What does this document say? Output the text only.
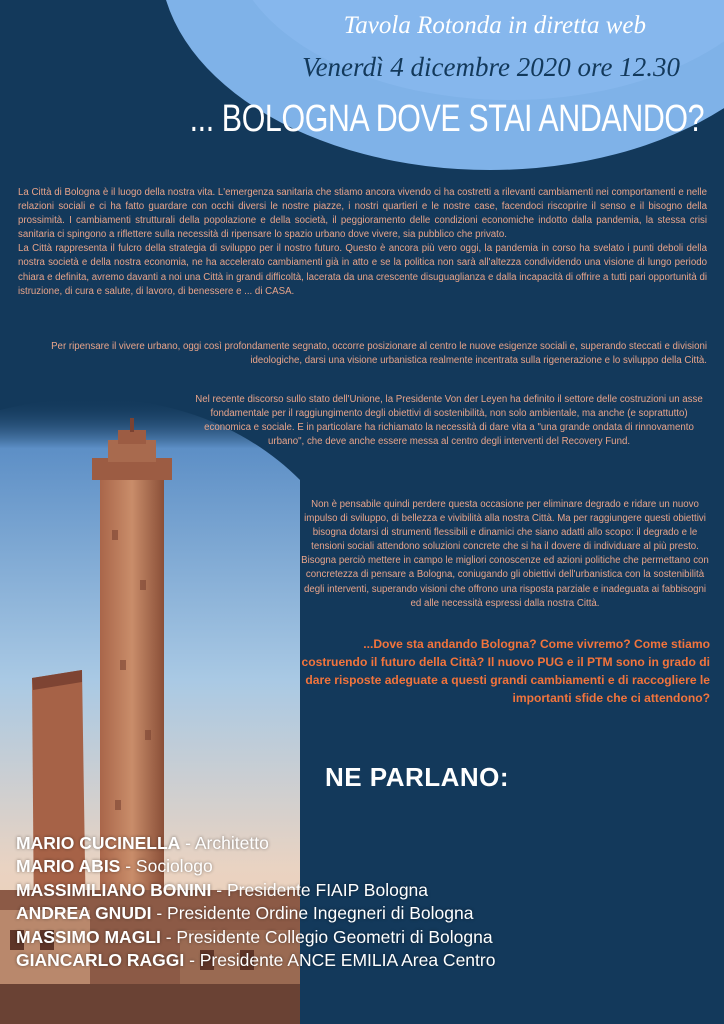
Tavola Rotonda in diretta web
Venerdì 4 dicembre 2020 ore 12.30
... BOLOGNA DOVE STAI ANDANDO?

La Città di Bologna è il luogo della nostra vita. L'emergenza sanitaria che stiamo ancora vivendo ci ha costretti a rilevanti cambiamenti nei comportamenti e nelle relazioni sociali e ci ha fatto guardare con occhi diversi le nostre piazze, i nostri quartieri e le nostre case, facendoci riscoprire il senso e il bisogno della prossimità. I cambiamenti strutturali della popolazione e della società, il peggioramento delle condizioni economiche indotto dalla pandemia, la stessa crisi sanitaria ci spingono a riflettere sulla necessità di ripensare lo spazio urbano dove vivere, sia pubblico che privato.

La Città rappresenta il fulcro della strategia di sviluppo per il nostro futuro. Questo è ancora più vero oggi, la pandemia in corso ha svelato i punti deboli della nostra società e della nostra economia, ne ha accelerato cambiamenti già in atto e se la politica non sarà all'altezza condividendo una visione di lungo periodo chiara e definita, avremo davanti a noi una Città in grandi difficoltà, lacerata da una crescente disuguaglianza e dalla incapacità di offrire a tutti pari opportunità di istruzione, di cura e salute, di lavoro, di benessere e ... di CASA.

Per ripensare il vivere urbano, oggi così profondamente segnato, occorre posizionare al centro le nuove esigenze sociali e, superando steccati e divisioni ideologiche, darsi una visione urbanistica realmente incentrata sulla rigenerazione e lo sviluppo della Città.
Nel recente discorso sullo stato dell'Unione, la Presidente Von der Leyen ha definito il settore delle costruzioni un asse fondamentale per il raggiungimento degli obiettivi di sostenibilità, non solo ambientale, ma anche (e soprattutto) economica e sociale. E in particolare ha richiamato la necessità di dare vita a "una grande ondata di rinnovamento urbano", che deve anche essere messa al centro degli interventi del Recovery Fund.
Non è pensabile quindi perdere questa occasione per eliminare degrado e ridare un nuovo impulso di sviluppo, di bellezza e vivibilità alla nostra Città. Ma per raggiungere questi obiettivi bisogna dotarsi di strumenti flessibili e dinamici che siano adatti allo scopo: il degrado e le tensioni sociali attendono soluzioni concrete che si ha il dovere di individuare al più presto. Bisogna perciò mettere in campo le migliori conoscenze ed azioni politiche che permettano con concretezza di pensare a Bologna, coniugando gli obiettivi dell'urbanistica con la sostenibilità degli interventi, superando visioni che offrono una risposta parziale e inadeguata ai fabbisogni ed alle necessità espressi dalla nostra Città.
...Dove sta andando Bologna? Come vivremo? Come stiamo costruendo il futuro della Città? Il nuovo PUG e il PTM sono in grado di dare risposte adeguate a questi grandi cambiamenti e di raccogliere le importanti sfide che ci attendono?
NE PARLANO:
MARIO CUCINELLA - Architetto
MARIO ABIS - Sociologo
MASSIMILIANO BONINI - Presidente FIAIP Bologna
ANDREA GNUDI - Presidente Ordine Ingegneri di Bologna
MASSIMO MAGLI - Presidente Collegio Geometri di Bologna
GIANCARLO RAGGI - Presidente ANCE EMILIA Area Centro
